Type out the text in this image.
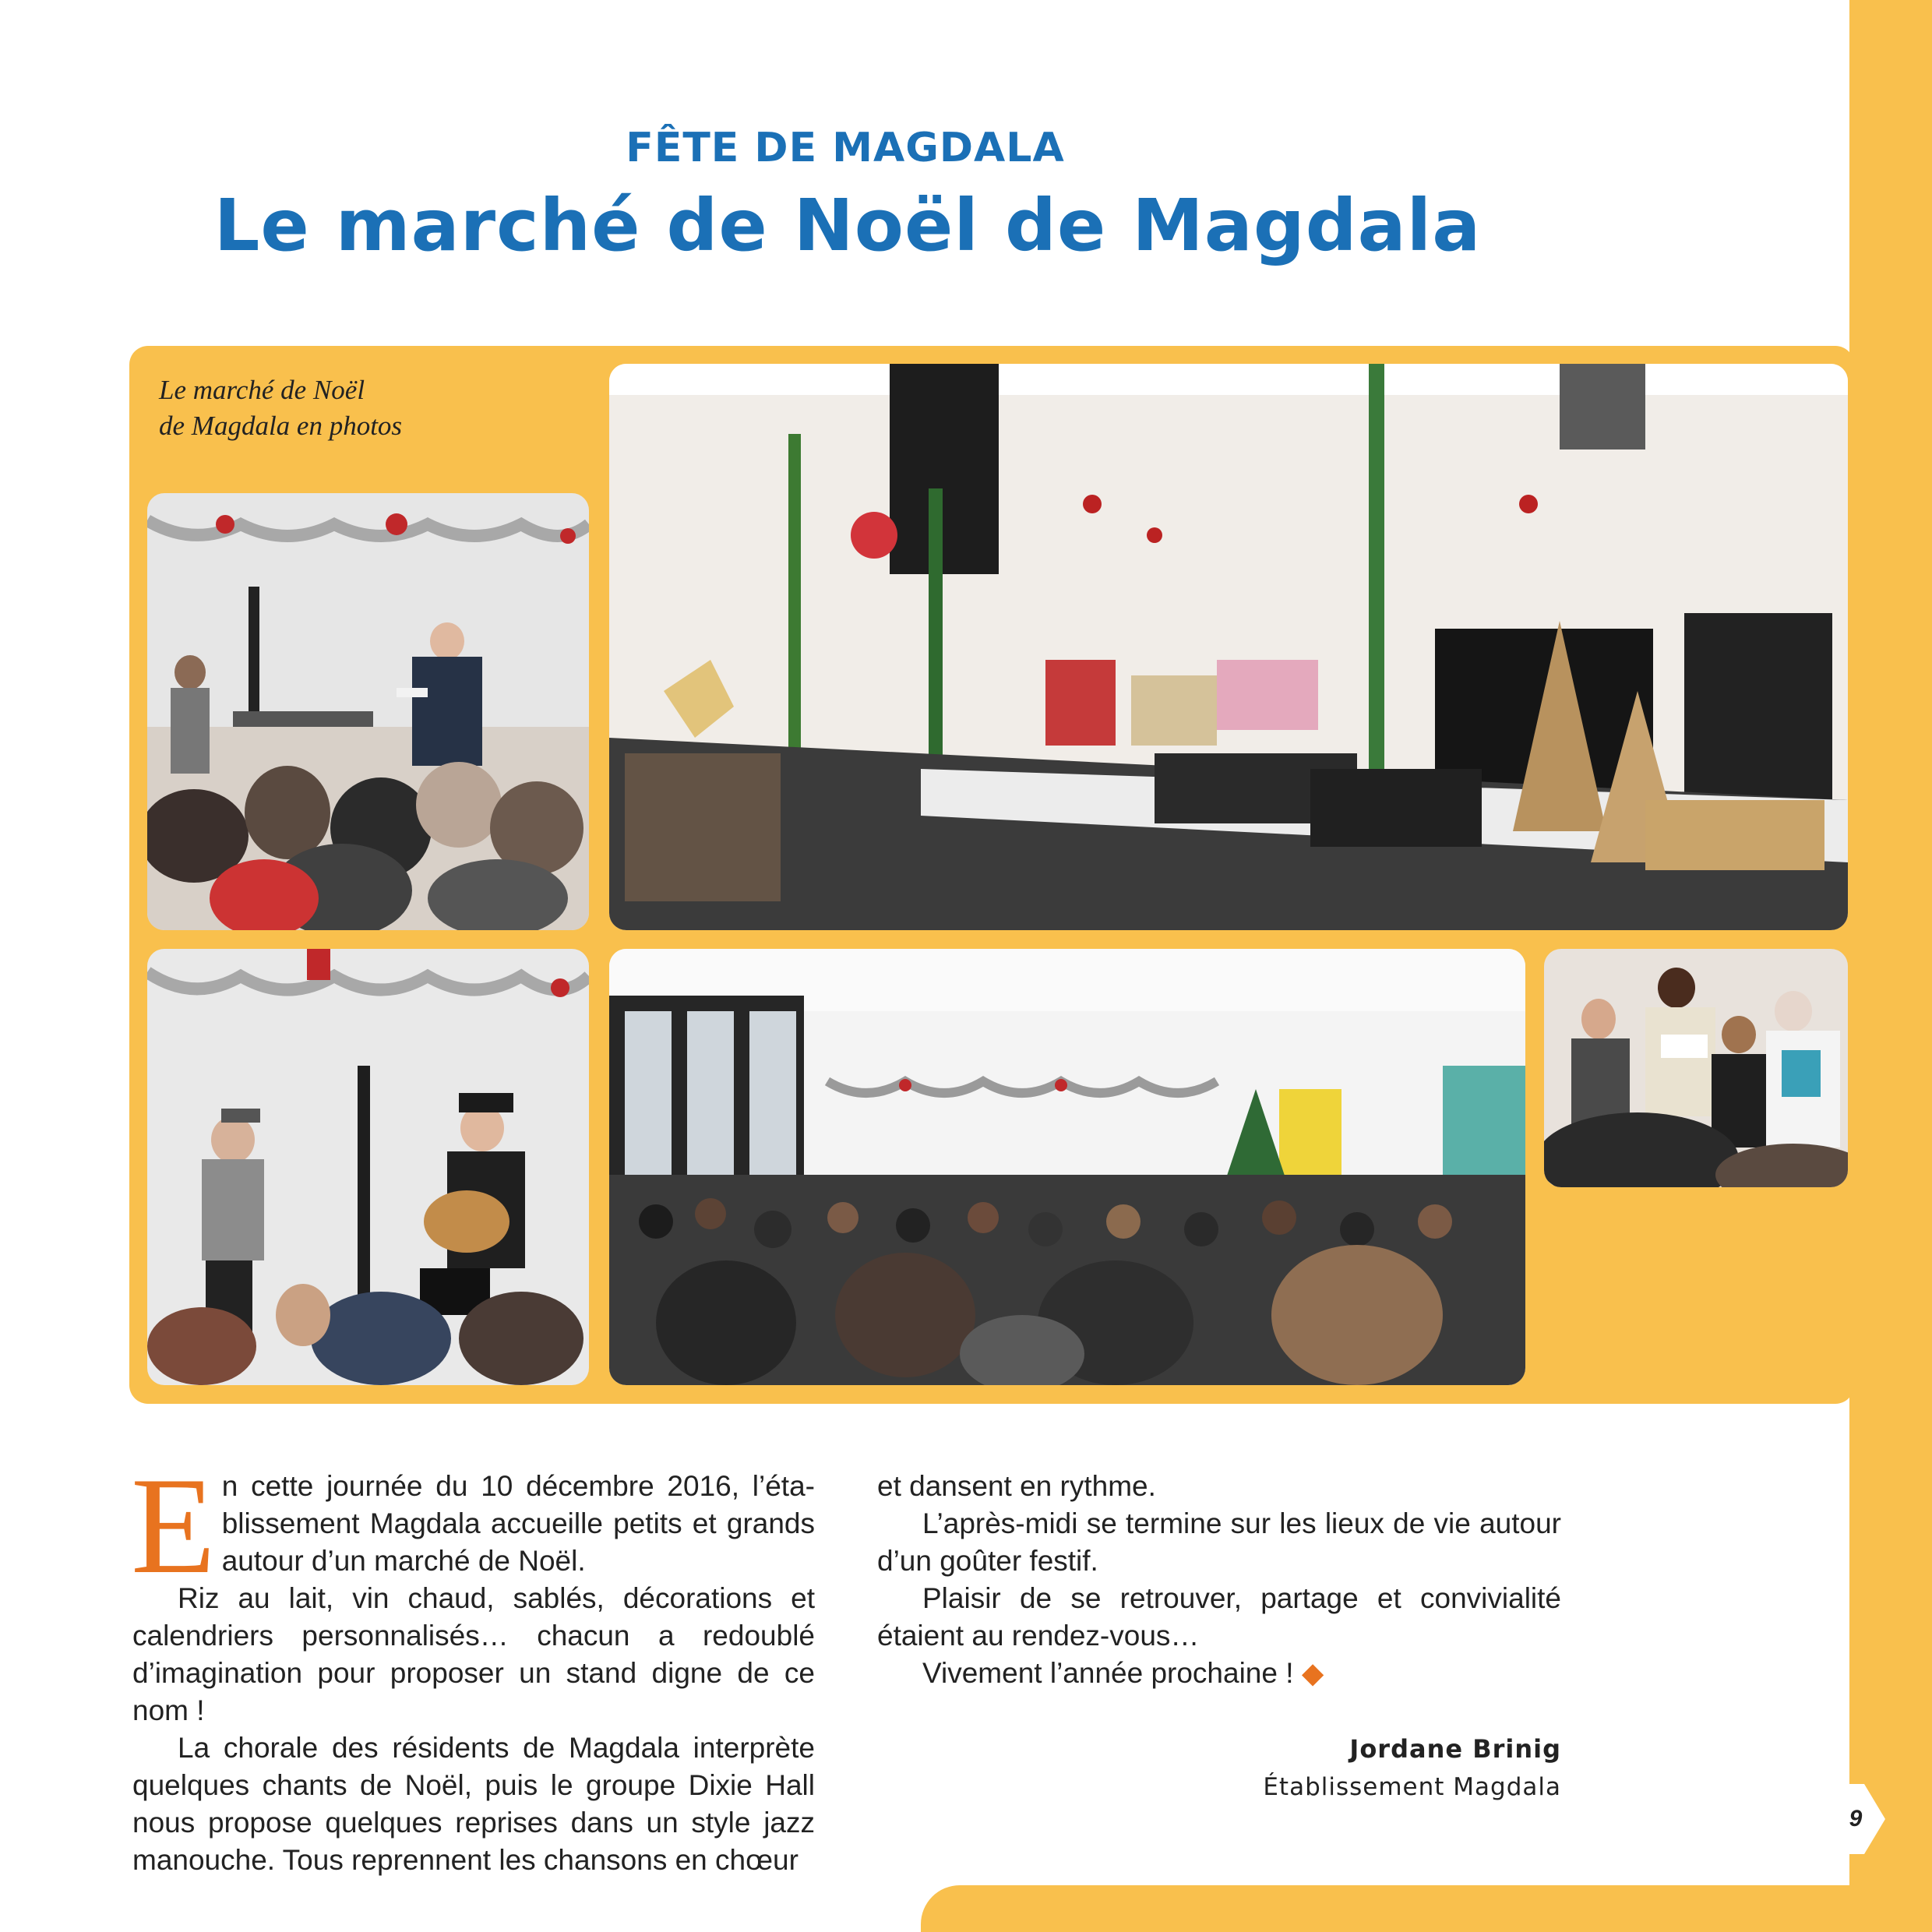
9
FÊTE DE MAGDALA
Le marché de Noël de Magdala
Le marché de Noël
de Magdala en photos

En cette journée du 10 décembre 2016, l’établissement Magdala accueille petits et grands autour d’un marché de Noël.

Riz au lait, vin chaud, sablés, décorations et calendriers personnalisés… chacun a redoublé d’imagination pour proposer un stand digne de ce nom !

La chorale des résidents de Magdala interprète quelques chants de Noël, puis le groupe Dixie Hall nous propose quelques reprises dans un style jazz manouche. Tous reprennent les chansons en chœur

et dansent en rythme.

L’après-midi se termine sur les lieux de vie autour d’un goûter festif.

Plaisir de se retrouver, partage et convivialité étaient au rendez-vous…

Vivement l’année prochaine ! ◆

Jordane Brinig
Établissement Magdala
